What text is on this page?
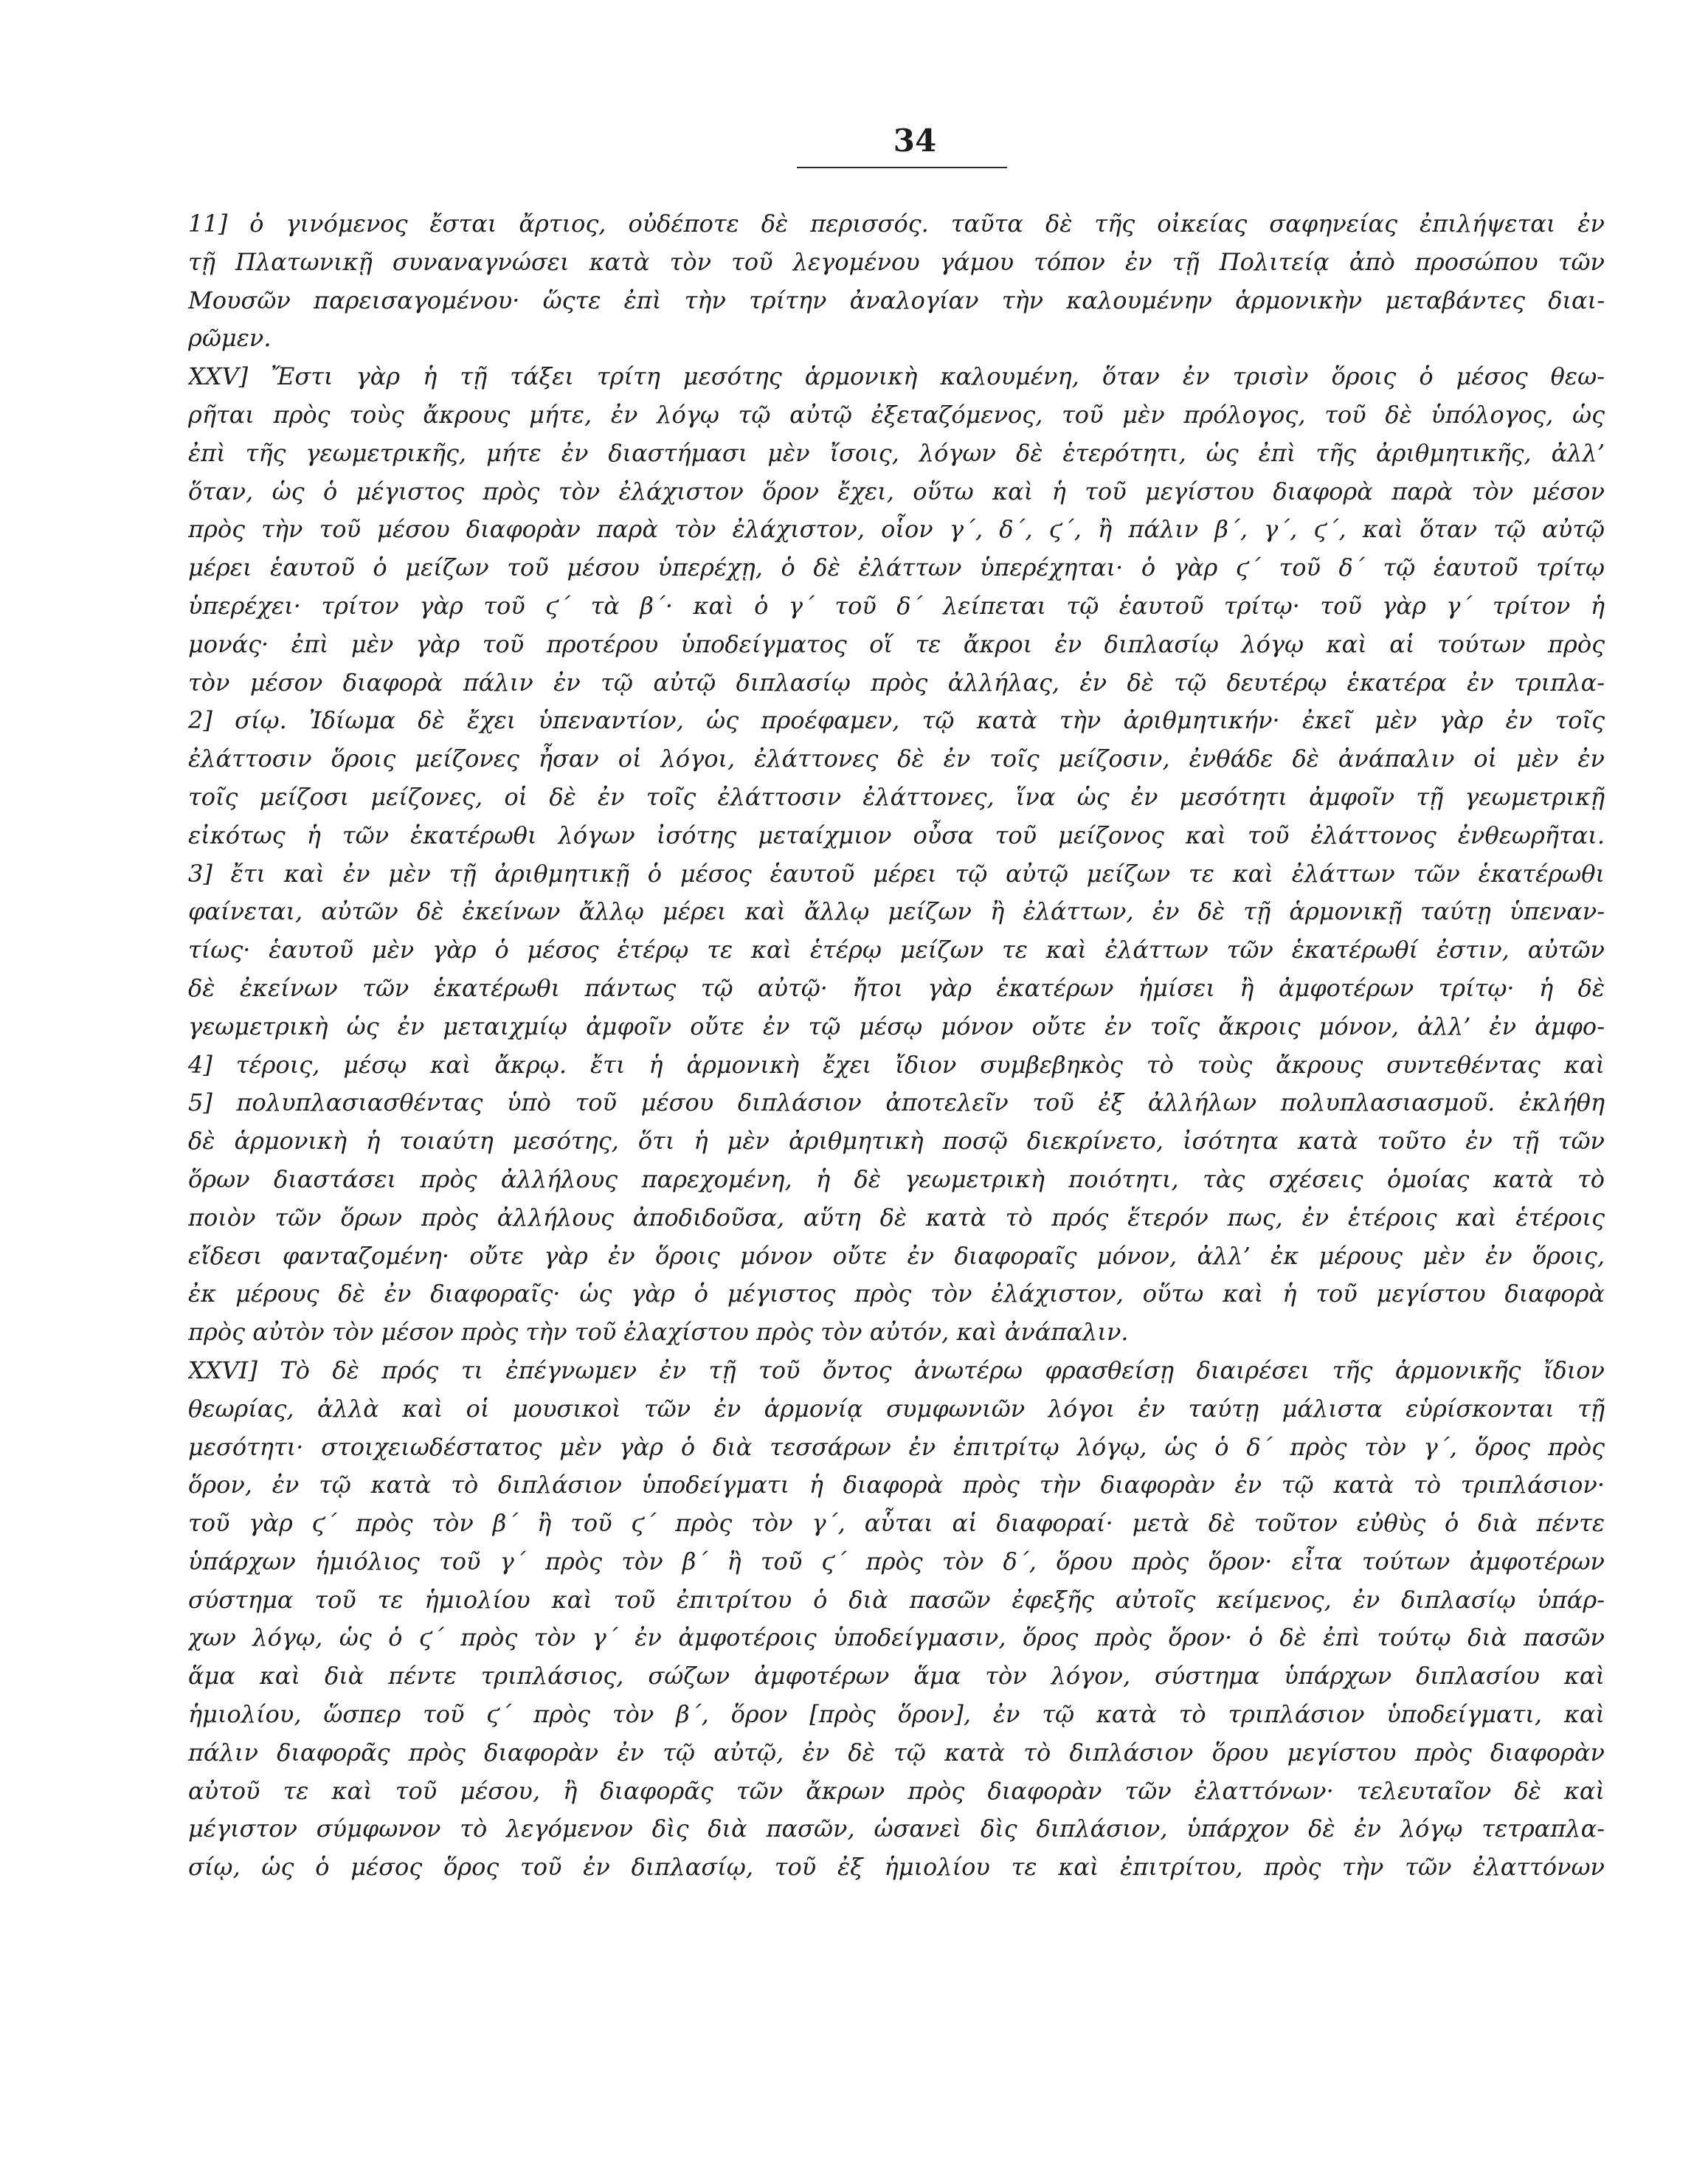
34
11] ὁ γινόμενος ἔσται ἄρτιος, οὐδέποτε δὲ περισσός. ταῦτα δὲ τῆς οἰκείας σαφηνείας ἐπιλήψεται ἐν
τῇ Πλατωνικῇ συναναγνώσει κατὰ τὸν τοῦ λεγομένου γάμου τόπον ἐν τῇ Πολιτείᾳ ἀπὸ προσώπου τῶν
Μουσῶν παρεισαγομένου· ὥςτε ἐπὶ τὴν τρίτην ἀναλογίαν τὴν καλουμένην ἁρμονικὴν μεταβάντες διαι-
ρῶμεν.
XXV] Ἔστι γὰρ ἡ τῇ τάξει τρίτη μεσότης ἁρμονικὴ καλουμένη, ὅταν ἐν τρισὶν ὅροις ὁ μέσος θεω-
ρῆται πρὸς τοὺς ἄκρους μήτε, ἐν λόγῳ τῷ αὐτῷ ἐξεταζόμενος, τοῦ μὲν πρόλογος, τοῦ δὲ ὑπόλογος, ὡς
ἐπὶ τῆς γεωμετρικῆς, μήτε ἐν διαστήμασι μὲν ἴσοις, λόγων δὲ ἑτερότητι, ὡς ἐπὶ τῆς ἀριθμητικῆς, ἀλλ’
ὅταν, ὡς ὁ μέγιστος πρὸς τὸν ἐλάχιστον ὅρον ἔχει, οὕτω καὶ ἡ τοῦ μεγίστου διαφορὰ παρὰ τὸν μέσον
πρὸς τὴν τοῦ μέσου διαφορὰν παρὰ τὸν ἐλάχιστον, οἷον γ΄, δ΄, ϛ΄, ἢ πάλιν β΄, γ΄, ϛ΄, καὶ ὅταν τῷ αὐτῷ
μέρει ἑαυτοῦ ὁ μείζων τοῦ μέσου ὑπερέχῃ, ὁ δὲ ἐλάττων ὑπερέχηται· ὁ γὰρ ϛ΄ τοῦ δ΄ τῷ ἑαυτοῦ τρίτῳ
ὑπερέχει· τρίτον γὰρ τοῦ ϛ΄ τὰ β΄· καὶ ὁ γ΄ τοῦ δ΄ λείπεται τῷ ἑαυτοῦ τρίτῳ· τοῦ γὰρ γ΄ τρίτον ἡ
μονάς· ἐπὶ μὲν γὰρ τοῦ προτέρου ὑποδείγματος οἵ τε ἄκροι ἐν διπλασίῳ λόγῳ καὶ αἱ τούτων πρὸς
τὸν μέσον διαφορὰ πάλιν ἐν τῷ αὐτῷ διπλασίῳ πρὸς ἀλλήλας, ἐν δὲ τῷ δευτέρῳ ἑκατέρα ἐν τριπλα-
2] σίῳ. Ἰδίωμα δὲ ἔχει ὑπεναντίον, ὡς προέφαμεν, τῷ κατὰ τὴν ἀριθμητικήν· ἐκεῖ μὲν γὰρ ἐν τοῖς
ἐλάττοσιν ὅροις μείζονες ἦσαν οἱ λόγοι, ἐλάττονες δὲ ἐν τοῖς μείζοσιν, ἐνθάδε δὲ ἀνάπαλιν οἱ μὲν ἐν
τοῖς μείζοσι μείζονες, οἱ δὲ ἐν τοῖς ἐλάττοσιν ἐλάττονες, ἵνα ὡς ἐν μεσότητι ἀμφοῖν τῇ γεωμετρικῇ
εἰκότως ἡ τῶν ἑκατέρωθι λόγων ἰσότης μεταίχμιον οὖσα τοῦ μείζονος καὶ τοῦ ἐλάττονος ἐνθεωρῆται.
3] ἔτι καὶ ἐν μὲν τῇ ἀριθμητικῇ ὁ μέσος ἑαυτοῦ μέρει τῷ αὐτῷ μείζων τε καὶ ἐλάττων τῶν ἑκατέρωθι
φαίνεται, αὐτῶν δὲ ἐκείνων ἄλλῳ μέρει καὶ ἄλλῳ μείζων ἢ ἐλάττων, ἐν δὲ τῇ ἁρμονικῇ ταύτῃ ὑπεναν-
τίως· ἑαυτοῦ μὲν γὰρ ὁ μέσος ἑτέρῳ τε καὶ ἑτέρῳ μείζων τε καὶ ἐλάττων τῶν ἑκατέρωθί ἐστιν, αὐτῶν
δὲ ἐκείνων τῶν ἑκατέρωθι πάντως τῷ αὐτῷ· ἤτοι γὰρ ἑκατέρων ἡμίσει ἢ ἀμφοτέρων τρίτῳ· ἡ δὲ
γεωμετρικὴ ὡς ἐν μεταιχμίῳ ἀμφοῖν οὔτε ἐν τῷ μέσῳ μόνον οὔτε ἐν τοῖς ἄκροις μόνον, ἀλλ’ ἐν ἀμφο-
4] τέροις, μέσῳ καὶ ἄκρῳ. ἔτι ἡ ἁρμονικὴ ἔχει ἴδιον συμβεβηκὸς τὸ τοὺς ἄκρους συντεθέντας καὶ
5] πολυπλασιασθέντας ὑπὸ τοῦ μέσου διπλάσιον ἀποτελεῖν τοῦ ἐξ ἀλλήλων πολυπλασιασμοῦ. ἐκλήθη
δὲ ἁρμονικὴ ἡ τοιαύτη μεσότης, ὅτι ἡ μὲν ἀριθμητικὴ ποσῷ διεκρίνετο, ἰσότητα κατὰ τοῦτο ἐν τῇ τῶν
ὅρων διαστάσει πρὸς ἀλλήλους παρεχομένη, ἡ δὲ γεωμετρικὴ ποιότητι, τὰς σχέσεις ὁμοίας κατὰ τὸ
ποιὸν τῶν ὅρων πρὸς ἀλλήλους ἀποδιδοῦσα, αὕτη δὲ κατὰ τὸ πρός ἕτερόν πως, ἐν ἑτέροις καὶ ἑτέροις
εἴδεσι φανταζομένη· οὔτε γὰρ ἐν ὅροις μόνον οὔτε ἐν διαφοραῖς μόνον, ἀλλ’ ἐκ μέρους μὲν ἐν ὅροις,
ἐκ μέρους δὲ ἐν διαφοραῖς· ὡς γὰρ ὁ μέγιστος πρὸς τὸν ἐλάχιστον, οὕτω καὶ ἡ τοῦ μεγίστου διαφορὰ
πρὸς αὐτὸν τὸν μέσον πρὸς τὴν τοῦ ἐλαχίστου πρὸς τὸν αὐτόν, καὶ ἀνάπαλιν.
XXVI] Τὸ δὲ πρός τι ἐπέγνωμεν ἐν τῇ τοῦ ὄντος ἀνωτέρω φρασθείσῃ διαιρέσει τῆς ἁρμονικῆς ἴδιον
θεωρίας, ἀλλὰ καὶ οἱ μουσικοὶ τῶν ἐν ἁρμονίᾳ συμφωνιῶν λόγοι ἐν ταύτῃ μάλιστα εὑρίσκονται τῇ
μεσότητι· στοιχειωδέστατος μὲν γὰρ ὁ διὰ τεσσάρων ἐν ἐπιτρίτῳ λόγῳ, ὡς ὁ δ΄ πρὸς τὸν γ΄, ὅρος πρὸς
ὅρον, ἐν τῷ κατὰ τὸ διπλάσιον ὑποδείγματι ἡ διαφορὰ πρὸς τὴν διαφορὰν ἐν τῷ κατὰ τὸ τριπλάσιον·
τοῦ γὰρ ϛ΄ πρὸς τὸν β΄ ἢ τοῦ ϛ΄ πρὸς τὸν γ΄, αὗται αἱ διαφοραί· μετὰ δὲ τοῦτον εὐθὺς ὁ διὰ πέντε
ὑπάρχων ἡμιόλιος τοῦ γ΄ πρὸς τὸν β΄ ἢ τοῦ ϛ΄ πρὸς τὸν δ΄, ὅρου πρὸς ὅρον· εἶτα τούτων ἀμφοτέρων
σύστημα τοῦ τε ἡμιολίου καὶ τοῦ ἐπιτρίτου ὁ διὰ πασῶν ἐφεξῆς αὐτοῖς κείμενος, ἐν διπλασίῳ ὑπάρ-
χων λόγῳ, ὡς ὁ ϛ΄ πρὸς τὸν γ΄ ἐν ἀμφοτέροις ὑποδείγμασιν, ὅρος πρὸς ὅρον· ὁ δὲ ἐπὶ τούτῳ διὰ πασῶν
ἅμα καὶ διὰ πέντε τριπλάσιος, σώζων ἀμφοτέρων ἅμα τὸν λόγον, σύστημα ὑπάρχων διπλασίου καὶ
ἡμιολίου, ὥσπερ τοῦ ϛ΄ πρὸς τὸν β΄, ὅρον [πρὸς ὅρον], ἐν τῷ κατὰ τὸ τριπλάσιον ὑποδείγματι, καὶ
πάλιν διαφορᾶς πρὸς διαφορὰν ἐν τῷ αὐτῷ, ἐν δὲ τῷ κατὰ τὸ διπλάσιον ὅρου μεγίστου πρὸς διαφορὰν
αὐτοῦ τε καὶ τοῦ μέσου, ἢ διαφορᾶς τῶν ἄκρων πρὸς διαφορὰν τῶν ἐλαττόνων· τελευταῖον δὲ καὶ
μέγιστον σύμφωνον τὸ λεγόμενον δὶς διὰ πασῶν, ὡσανεὶ δὶς διπλάσιον, ὑπάρχον δὲ ἐν λόγῳ τετραπλα-
σίῳ, ὡς ὁ μέσος ὅρος τοῦ ἐν διπλασίῳ, τοῦ ἐξ ἡμιολίου τε καὶ ἐπιτρίτου, πρὸς τὴν τῶν ἐλαττόνων
